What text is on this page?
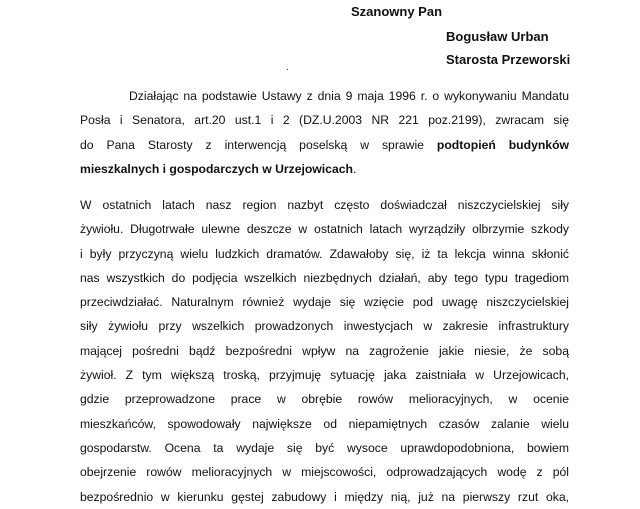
Szanowny Pan
Bogusław Urban
Starosta Przeworski
.
Działając na podstawie Ustawy z dnia 9 maja 1996 r. o wykonywaniu Mandatu
Posła i Senatora, art.20 ust.1 i 2 (DZ.U.2003 NR 221 poz.2199), zwracam się
do Pana Starosty z interwencją poselską w sprawie podtopień budynków
mieszkalnych i gospodarczych w Urzejowicach.
W ostatnich latach nasz region nazbyt często doświadczał niszczycielskiej siły
żywiołu. Długotrwałe ulewne deszcze w ostatnich latach wyrządziły olbrzymie szkody
i były przyczyną wielu ludzkich dramatów. Zdawałoby się, iż ta lekcja winna skłonić
nas wszystkich do podjęcia wszelkich niezbędnych działań, aby tego typu tragediom
przeciwdziałać. Naturalnym również wydaje się wzięcie pod uwagę niszczycielskiej
siły żywiołu przy wszelkich prowadzonych inwestycjach w zakresie infrastruktury
mającej pośredni bądź bezpośredni wpływ na zagrożenie jakie niesie, że sobą
żywioł. Z tym większą troską, przyjmuję sytuację jaka zaistniała w Urzejowicach,
gdzie przeprowadzone prace w obrębie rowów melioracyjnych, w ocenie
mieszkańców, spowodowały największe od niepamiętnych czasów zalanie wielu
gospodarstw. Ocena ta wydaje się być wysoce uprawdopodobniona, bowiem
obejrzenie rowów melioracyjnych w miejscowości, odprowadzających wodę z pól
bezpośrednio w kierunku gęstej zabudowy i między nią, już na pierwszy rzut oka,
